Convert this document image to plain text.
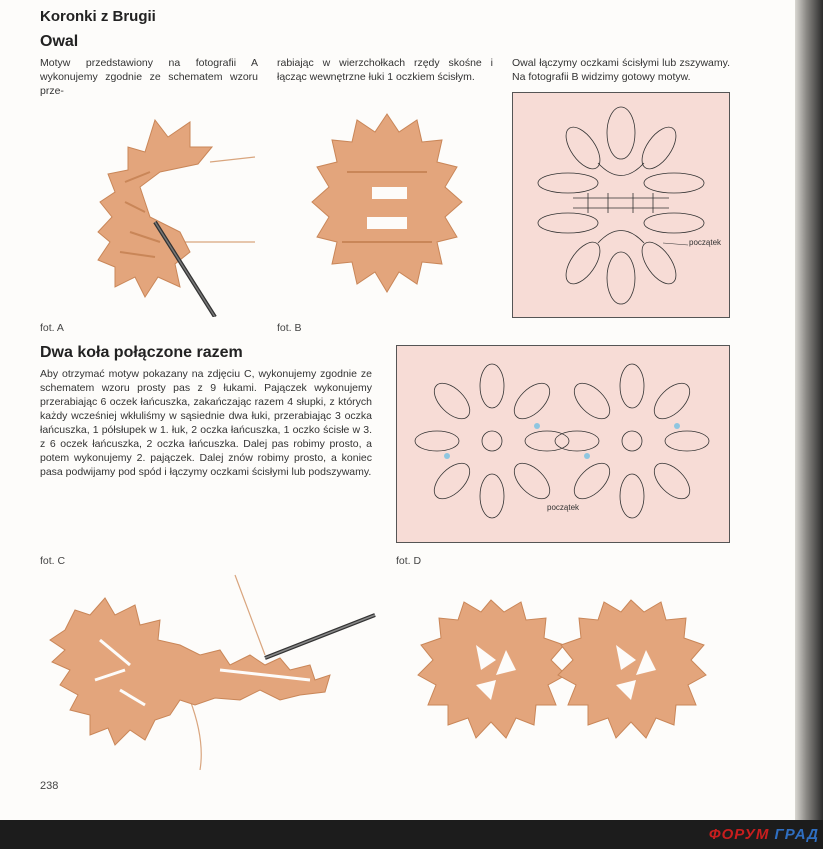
Koronki z Brugii
Owal
Motyw przedstawiony na fotografii A wykonujemy zgodnie ze schematem wzoru prze-
rabiając w wierzchołkach rzędy skośne i łącząc wewnętrzne łuki 1 oczkiem ścisłym.
Owal łączymy oczkami ścisłymi lub zszywamy. Na fotografii B widzimy gotowy motyw.
początek
fot. A	fot. B
Dwa koła połączone razem
Aby otrzymać motyw pokazany na zdjęciu C, wykonujemy zgodnie ze schematem wzoru prosty pas z 9 łukami. Pajączek wykonujemy przerabiając 6 oczek łańcuszka, zakańczając razem 4 słupki, z których każdy wcześniej wkłuliśmy w sąsiednie dwa łuki, przerabiając 3 oczka łańcuszka, 1 półsłupek w 1. łuk, 2 oczka łańcuszka, 1 oczko ścisłe w 3. z 6 oczek łańcuszka, 2 oczka łańcuszka. Dalej pas robimy prosto, a potem wykonujemy 2. pajączek. Dalej znów robimy prosto, a koniec pasa podwijamy pod spód i łączymy oczkami ścisłymi lub podszywamy.
początek
fot. C	fot. D
238
ФОРУМ ГРАД
